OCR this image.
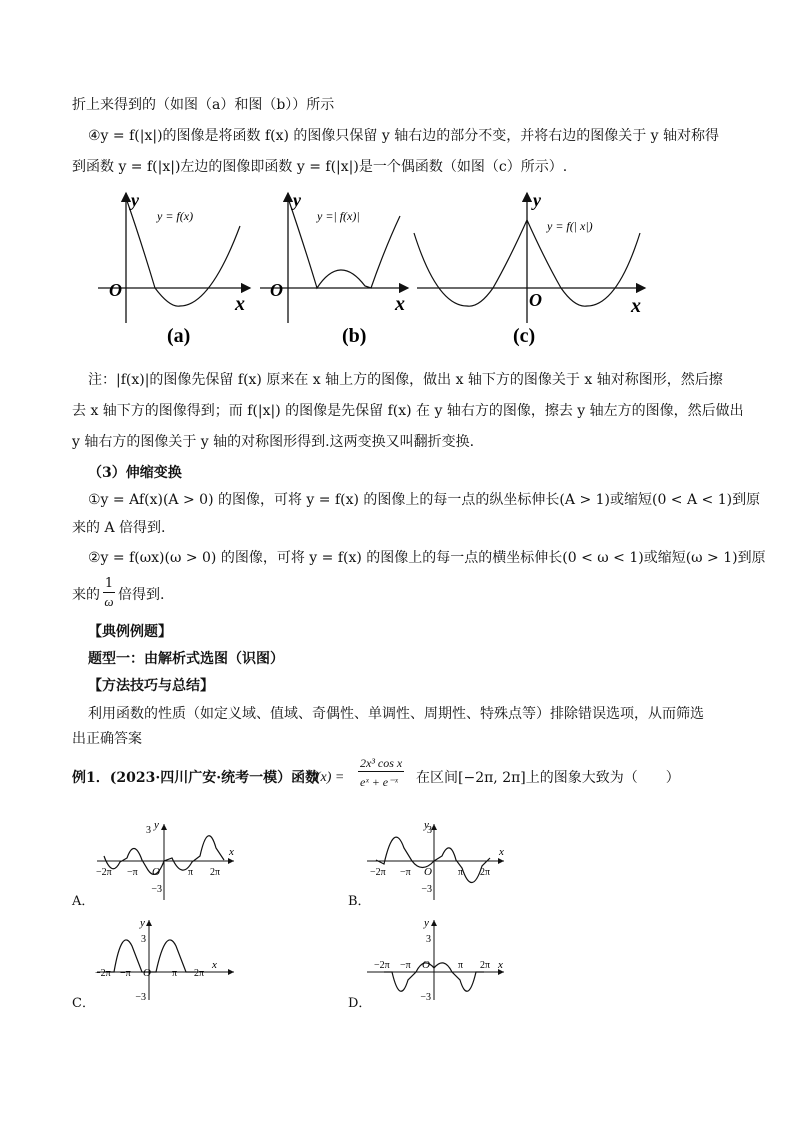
折上来得到的（如图（a）和图（b））所示
④y = f(|x|)的图像是将函数 f(x) 的图像只保留 y 轴右边的部分不变，并将右边的图像关于 y 轴对称得
到函数 y = f(|x|)左边的图像即函数 y = f(|x|)是一个偶函数（如图（c）所示）.
O
x
y
y = f(x)
(a)
O
x
y
y =| f(x)|
(b)
O	x
y
y = f(| x|)
(c)
注：|f(x)|的图像先保留 f(x) 原来在 x 轴上方的图像，做出 x 轴下方的图像关于 x 轴对称图形，然后擦
去 x 轴下方的图像得到；而 f(|x|) 的图像是先保留 f(x) 在 y 轴右方的图像，擦去 y 轴左方的图像，然后做出
y 轴右方的图像关于 y 轴的对称图形得到.这两变换又叫翻折变换.
（3）伸缩变换
①y = Af(x)(A > 0) 的图像，可将 y = f(x) 的图像上的每一点的纵坐标伸长(A > 1)或缩短(0 < A < 1)到原
来的 A 倍得到.
②y = f(ωx)(ω > 0) 的图像，可将 y = f(x) 的图像上的每一点的横坐标伸长(0 < ω < 1)或缩短(ω > 1)到原
来的
1
ω 倍得到.
【典例例题】
题型一：由解析式选图（识图）
【方法技巧与总结】
利用函数的性质（如定义域、值域、奇偶性、单调性、周期性、特殊点等）排除错误选项，从而筛选
出正确答案
例1．(2023·四川广安·统考一模）函数
f(x) =
2x³ cos x
eˣ + e⁻ˣ 在区间[−2π, 2π]上的图象大致为（　　）
x
y
3
−2π −π O	π 2π
−3
A．
x
y
3
−2π −π O	π 2π
−3
B．
x
y
3
−2π −π O π 2π
−3
C．
x
y
3
−2π −π O	π 2π
−3
D．
